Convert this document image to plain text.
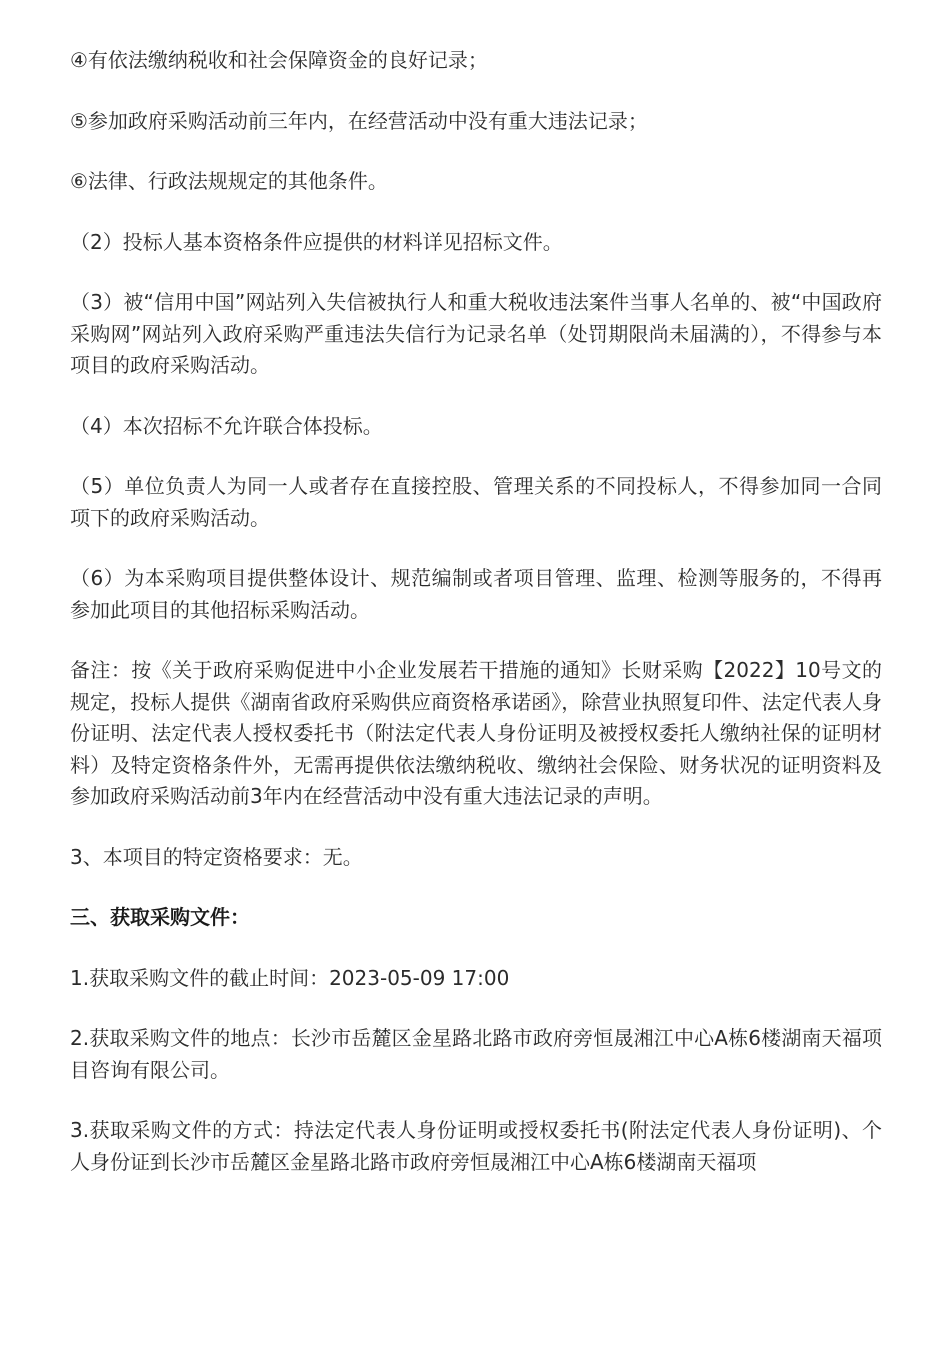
④有依法缴纳税收和社会保障资金的良好记录；

⑤参加政府采购活动前三年内，在经营活动中没有重大违法记录；

⑥法律、行政法规规定的其他条件。

（2）投标人基本资格条件应提供的材料详见招标文件。

（3）被“信用中国”网站列入失信被执行人和重大税收违法案件当事人名单的、被“中国政府采购网”网站列入政府采购严重违法失信行为记录名单（处罚期限尚未届满的），不得参与本项目的政府采购活动。

（4）本次招标不允许联合体投标。

（5）单位负责人为同一人或者存在直接控股、管理关系的不同投标人，不得参加同一合同项下的政府采购活动。

（6）为本采购项目提供整体设计、规范编制或者项目管理、监理、检测等服务的，不得再参加此项目的其他招标采购活动。

备注：按《关于政府采购促进中小企业发展若干措施的通知》长财采购【2022】10号文的规定，投标人提供《湖南省政府采购供应商资格承诺函》，除营业执照复印件、法定代表人身份证明、法定代表人授权委托书（附法定代表人身份证明及被授权委托人缴纳社保的证明材料）及特定资格条件外，无需再提供依法缴纳税收、缴纳社会保险、财务状况的证明资料及参加政府采购活动前3年内在经营活动中没有重大违法记录的声明。

3、本项目的特定资格要求：无。

三、获取采购文件：

1.获取采购文件的截止时间：2023-05-09 17:00

2.获取采购文件的地点：长沙市岳麓区金星路北路市政府旁恒晟湘江中心A栋6楼湖南天福项目咨询有限公司。

3.获取采购文件的方式：持法定代表人身份证明或授权委托书(附法定代表人身份证明)、个人身份证到长沙市岳麓区金星路北路市政府旁恒晟湘江中心A栋6楼湖南天福项
